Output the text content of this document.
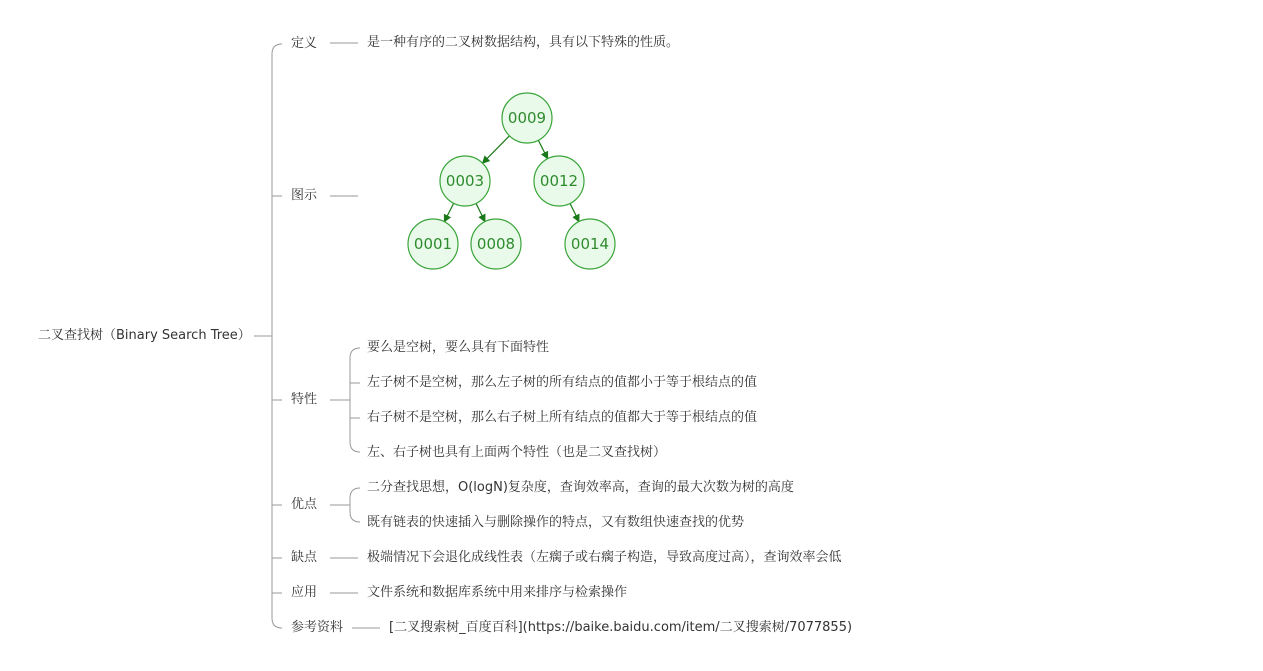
二叉查找树（Binary Search Tree）
定义	是一种有序的二叉树数据结构，具有以下特殊的性质。
图示
特性
要么是空树，要么具有下面特性
左子树不是空树，那么左子树的所有结点的值都小于等于根结点的值
右子树不是空树，那么右子树上所有结点的值都大于等于根结点的值
左、右子树也具有上面两个特性（也是二叉查找树）
优点
二分查找思想，O(logN)复杂度，查询效率高，查询的最大次数为树的高度
既有链表的快速插入与删除操作的特点，又有数组快速查找的优势
缺点	极端情况下会退化成线性表（左瘸子或右瘸子构造，导致高度过高），查询效率会低
应用	文件系统和数据库系统中用来排序与检索操作
参考资料	[二叉搜索树_百度百科](https://baike.baidu.com/item/二叉搜索树/7077855)
0009
0003	0012
0001 0008	0014
